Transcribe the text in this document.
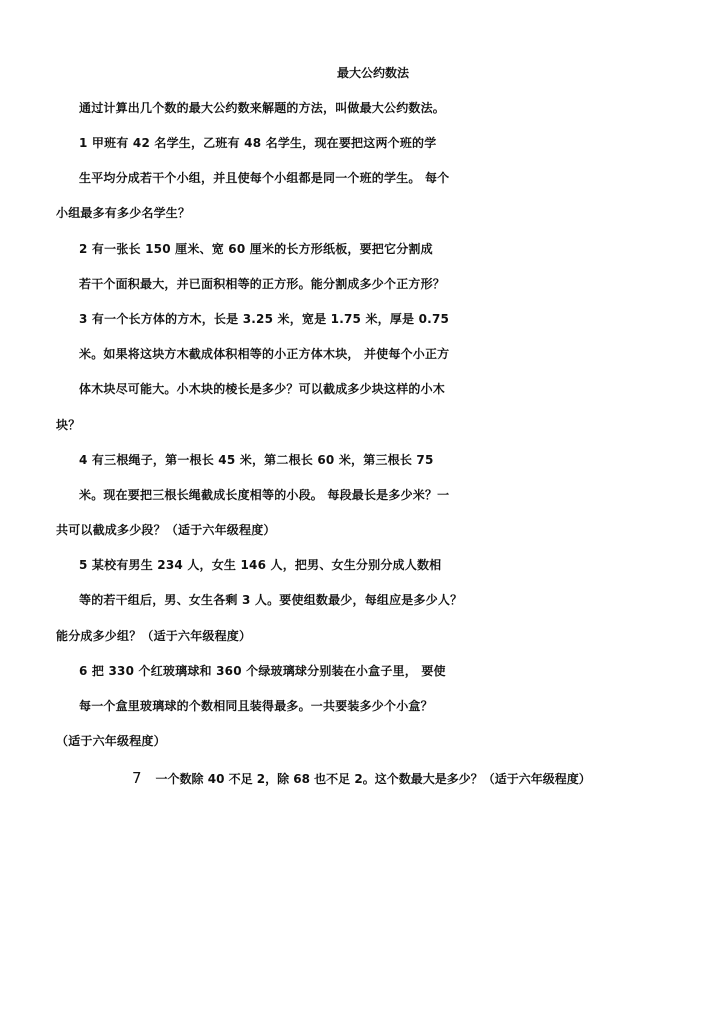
最大公约数法
通过计算出几个数的最大公约数来解题的方法，叫做最大公约数法。
1 甲班有 42 名学生，乙班有 48 名学生，现在要把这两个班的学
生平均分成若干个小组，并且使每个小组都是同一个班的学生。 每个
小组最多有多少名学生？
2 有一张长 150 厘米、宽 60 厘米的长方形纸板，要把它分割成
若干个面积最大，并已面积相等的正方形。能分割成多少个正方形？
3 有一个长方体的方木，长是 3.25 米，宽是 1.75 米，厚是 0.75
米。如果将这块方木截成体积相等的小正方体木块， 并使每个小正方
体木块尽可能大。小木块的棱长是多少？可以截成多少块这样的小木
块？
4 有三根绳子，第一根长 45 米，第二根长 60 米，第三根长 75
米。现在要把三根长绳截成长度相等的小段。 每段最长是多少米？一
共可以截成多少段？（适于六年级程度）
5 某校有男生 234 人，女生 146 人，把男、女生分别分成人数相
等的若干组后，男、女生各剩 3 人。要使组数最少，每组应是多少人？
能分成多少组？（适于六年级程度）
6 把 330 个红玻璃球和 360 个绿玻璃球分别装在小盒子里， 要使
每一个盒里玻璃球的个数相同且装得最多。一共要装多少个小盒？
（适于六年级程度）
7 一个数除 40 不足 2，除 68 也不足 2。这个数最大是多少？（适于六年级程度）
